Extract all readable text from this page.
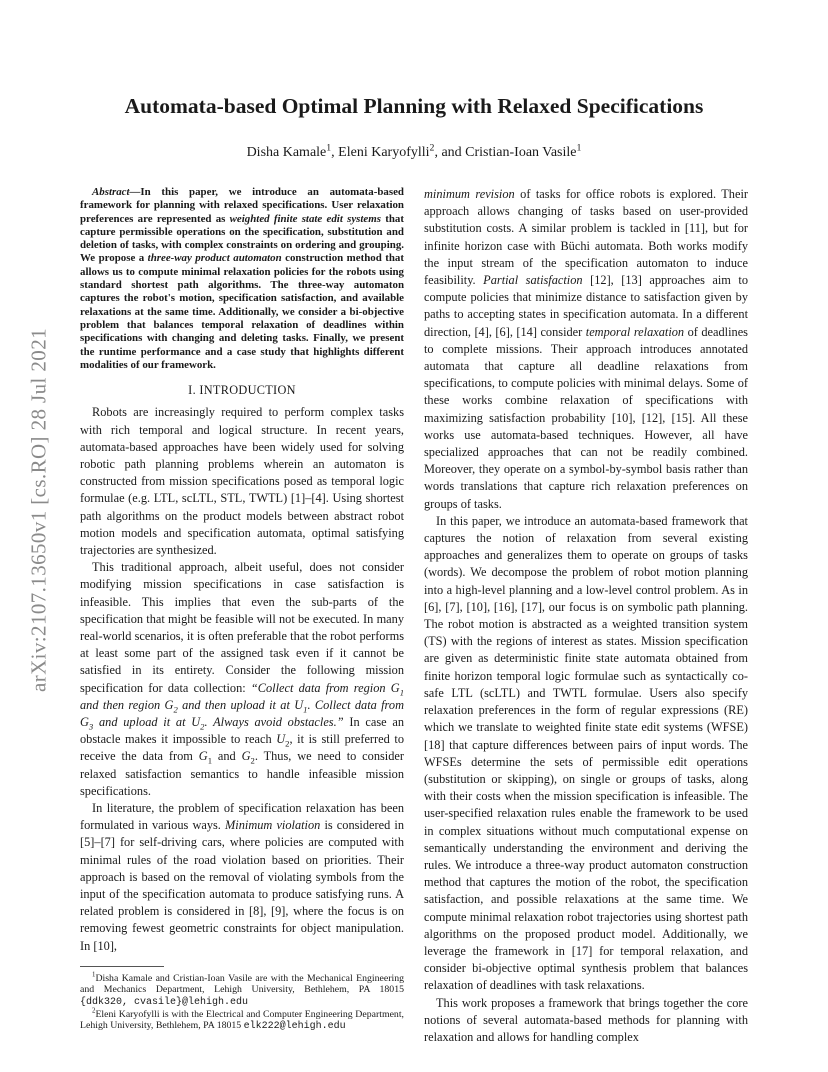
arXiv:2107.13650v1 [cs.RO] 28 Jul 2021
Automata-based Optimal Planning with Relaxed Specifications
Disha Kamale$^1$, Eleni Karyofylli$^2$, and Cristian-Ioan Vasile$^1$

Abstract—In this paper, we introduce an automata-based framework for planning with relaxed specifications. User relaxation preferences are represented as weighted finite state edit systems that capture permissible operations on the specification, substitution and deletion of tasks, with complex constraints on ordering and grouping. We propose a three-way product automaton construction method that allows us to compute minimal relaxation policies for the robots using standard shortest path algorithms. The three-way automaton captures the robot's motion, specification satisfaction, and available relaxations at the same time. Additionally, we consider a bi-objective problem that balances temporal relaxation of deadlines within specifications with changing and deleting tasks. Finally, we present the runtime performance and a case study that highlights different modalities of our framework.

I. INTRODUCTION

Robots are increasingly required to perform complex tasks with rich temporal and logical structure. In recent years, automata-based approaches have been widely used for solving robotic path planning problems wherein an automaton is constructed from mission specifications posed as temporal logic formulae (e.g. LTL, scLTL, STL, TWTL) [1]–[4]. Using shortest path algorithms on the product models between abstract robot motion models and specification automata, optimal satisfying trajectories are synthesized.

This traditional approach, albeit useful, does not consider modifying mission specifications in case satisfaction is infeasible. This implies that even the sub-parts of the specification that might be feasible will not be executed. In many real-world scenarios, it is often preferable that the robot performs at least some part of the assigned task even if it cannot be satisfied in its entirety. Consider the following mission specification for data collection: “Collect data from region $G_1$ and then region $G_2$ and then upload it at $U_1$. Collect data from $G_3$ and upload it at $U_2$. Always avoid obstacles.” In case an obstacle makes it impossible to reach $U_2$, it is still preferred to receive the data from $G_1$ and $G_2$. Thus, we need to consider relaxed satisfaction semantics to handle infeasible mission specifications.

In literature, the problem of specification relaxation has been formulated in various ways. Minimum violation is considered in [5]–[7] for self-driving cars, where policies are computed with minimal rules of the road violation based on priorities. Their approach is based on the removal of violating symbols from the input of the specification automata to produce satisfying runs. A related problem is considered in [8], [9], where the focus is on removing fewest geometric constraints for object manipulation. In [10],

$^1$Disha Kamale and Cristian-Ioan Vasile are with the Mechanical Engineering and Mechanics Department, Lehigh University, Bethlehem, PA 18015 {ddk320, cvasile}@lehigh.edu

$^2$Eleni Karyofylli is with the Electrical and Computer Engineering Department, Lehigh University, Bethlehem, PA 18015 elk222@lehigh.edu

minimum revision of tasks for office robots is explored. Their approach allows changing of tasks based on user-provided substitution costs. A similar problem is tackled in [11], but for infinite horizon case with Büchi automata. Both works modify the input stream of the specification automaton to induce feasibility. Partial satisfaction [12], [13] approaches aim to compute policies that minimize distance to satisfaction given by paths to accepting states in specification automata. In a different direction, [4], [6], [14] consider temporal relaxation of deadlines to complete missions. Their approach introduces annotated automata that capture all deadline relaxations from specifications, to compute policies with minimal delays. Some of these works combine relaxation of specifications with maximizing satisfaction probability [10], [12], [15]. All these works use automata-based techniques. However, all have specialized approaches that can not be readily combined. Moreover, they operate on a symbol-by-symbol basis rather than words translations that capture rich relaxation preferences on groups of tasks.

In this paper, we introduce an automata-based framework that captures the notion of relaxation from several existing approaches and generalizes them to operate on groups of tasks (words). We decompose the problem of robot motion planning into a high-level planning and a low-level control problem. As in [6], [7], [10], [16], [17], our focus is on symbolic path planning. The robot motion is abstracted as a weighted transition system (TS) with the regions of interest as states. Mission specification are given as deterministic finite state automata obtained from finite horizon temporal logic formulae such as syntactically co-safe LTL (scLTL) and TWTL formulae. Users also specify relaxation preferences in the form of regular expressions (RE) which we translate to weighted finite state edit systems (WFSE) [18] that capture differences between pairs of input words. The WFSEs determine the sets of permissible edit operations (substitution or skipping), on single or groups of tasks, along with their costs when the mission specification is infeasible. The user-specified relaxation rules enable the framework to be used in complex situations without much computational expense on semantically understanding the environment and deriving the rules. We introduce a three-way product automaton construction method that captures the motion of the robot, the specification satisfaction, and possible relaxations at the same time. We compute minimal relaxation robot trajectories using shortest path algorithms on the proposed product model. Additionally, we leverage the framework in [17] for temporal relaxation, and consider bi-objective optimal synthesis problem that balances relaxation of deadlines with task relaxations.

This work proposes a framework that brings together the core notions of several automata-based methods for planning with relaxation and allows for handling complex
